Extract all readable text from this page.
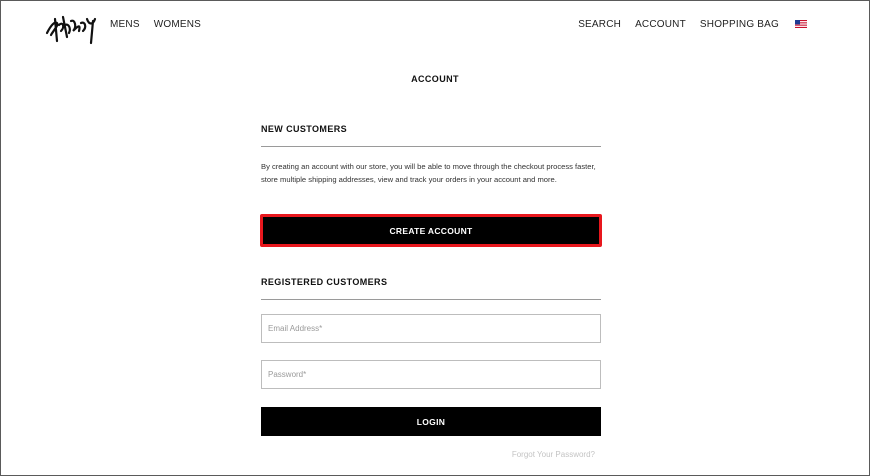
MENS WOMENS	SEARCH ACCOUNT SHOPPING BAG
ACCOUNT
NEW CUSTOMERS
By creating an account with our store, you will be able to move through the checkout process faster, store multiple shipping addresses, view and track your orders in your account and more.
CREATE ACCOUNT
REGISTERED CUSTOMERS
Email Address*
LOGIN
Forgot Your Password?
